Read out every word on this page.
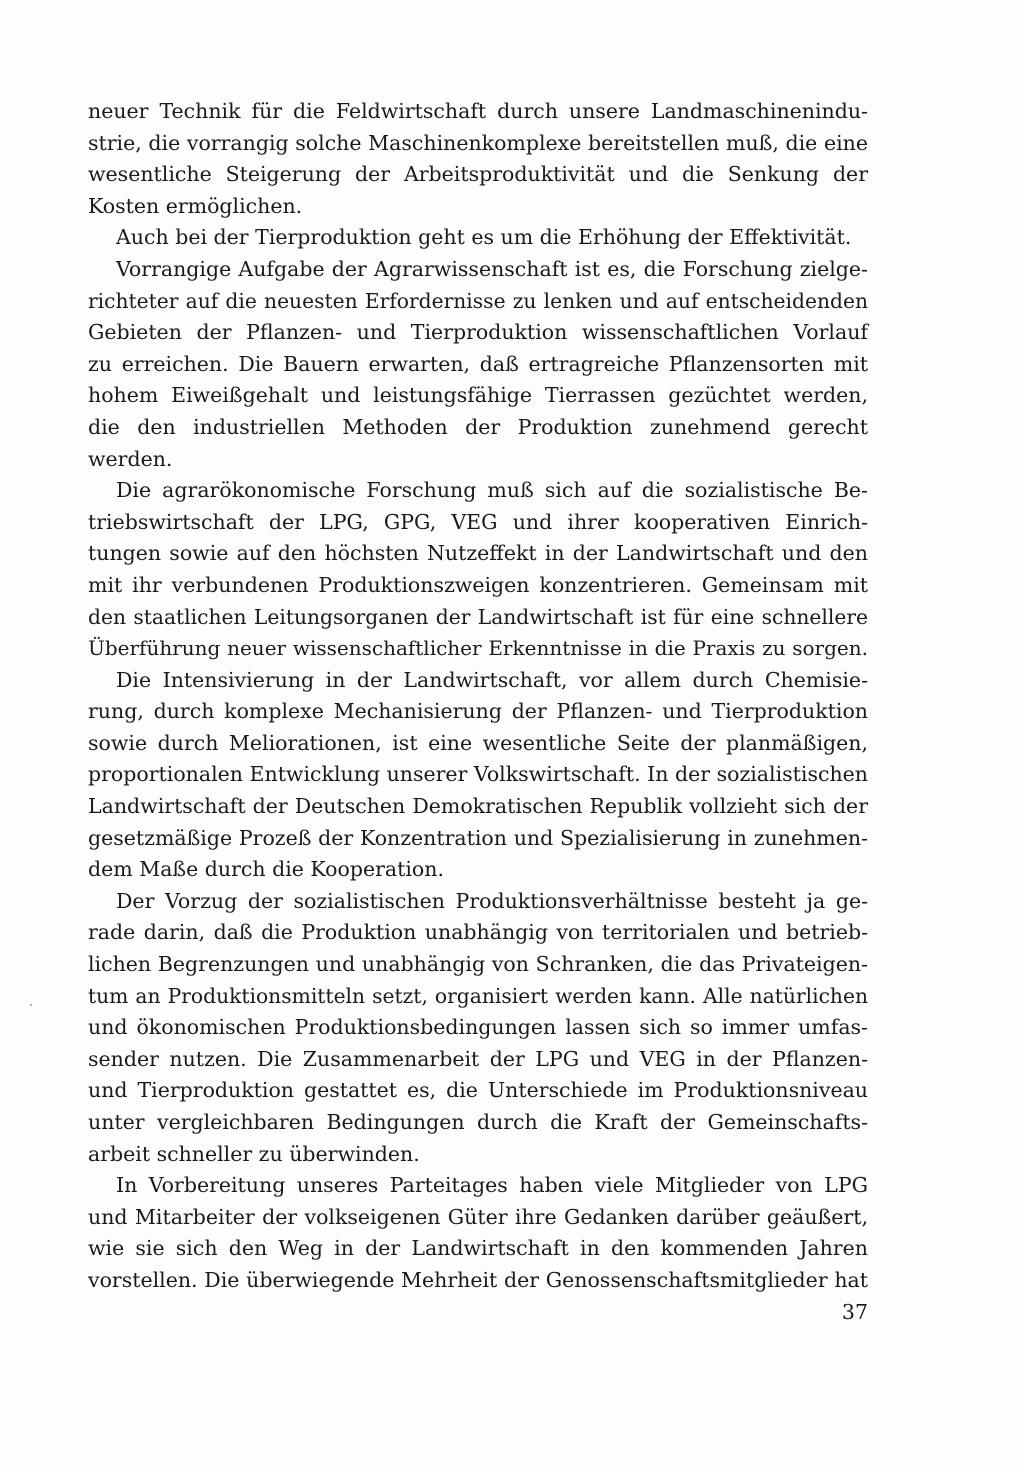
neuer Technik für die Feldwirtschaft durch unsere Landmaschinenindu-
strie, die vorrangig solche Maschinenkomplexe bereitstellen muß, die eine
wesentliche Steigerung der Arbeitsproduktivität und die Senkung der
Kosten ermöglichen.
Auch bei der Tierproduktion geht es um die Erhöhung der Effektivität.
Vorrangige Aufgabe der Agrarwissenschaft ist es, die Forschung zielge-
richteter auf die neuesten Erfordernisse zu lenken und auf entscheidenden
Gebieten der Pflanzen- und Tierproduktion wissenschaftlichen Vorlauf
zu erreichen. Die Bauern erwarten, daß ertragreiche Pflanzensorten mit
hohem Eiweißgehalt und leistungsfähige Tierrassen gezüchtet werden,
die den industriellen Methoden der Produktion zunehmend gerecht
werden.
Die agrarökonomische Forschung muß sich auf die sozialistische Be-
triebswirtschaft der LPG, GPG, VEG und ihrer kooperativen Einrich-
tungen sowie auf den höchsten Nutzeffekt in der Landwirtschaft und den
mit ihr verbundenen Produktionszweigen konzentrieren. Gemeinsam mit
den staatlichen Leitungsorganen der Landwirtschaft ist für eine schnellere
Überführung neuer wissenschaftlicher Erkenntnisse in die Praxis zu sorgen.
Die Intensivierung in der Landwirtschaft, vor allem durch Chemisie-
rung, durch komplexe Mechanisierung der Pflanzen- und Tierproduktion
sowie durch Meliorationen, ist eine wesentliche Seite der planmäßigen,
proportionalen Entwicklung unserer Volkswirtschaft. In der sozialistischen
Landwirtschaft der Deutschen Demokratischen Republik vollzieht sich der
gesetzmäßige Prozeß der Konzentration und Spezialisierung in zunehmen-
dem Maße durch die Kooperation.
Der Vorzug der sozialistischen Produktionsverhältnisse besteht ja ge-
rade darin, daß die Produktion unabhängig von territorialen und betrieb-
lichen Begrenzungen und unabhängig von Schranken, die das Privateigen-
tum an Produktionsmitteln setzt, organisiert werden kann. Alle natürlichen
und ökonomischen Produktionsbedingungen lassen sich so immer umfas-
sender nutzen. Die Zusammenarbeit der LPG und VEG in der Pflanzen-
und Tierproduktion gestattet es, die Unterschiede im Produktionsniveau
unter vergleichbaren Bedingungen durch die Kraft der Gemeinschafts-
arbeit schneller zu überwinden.
In Vorbereitung unseres Parteitages haben viele Mitglieder von LPG
und Mitarbeiter der volkseigenen Güter ihre Gedanken darüber geäußert,
wie sie sich den Weg in der Landwirtschaft in den kommenden Jahren
vorstellen. Die überwiegende Mehrheit der Genossenschaftsmitglieder hat
37
